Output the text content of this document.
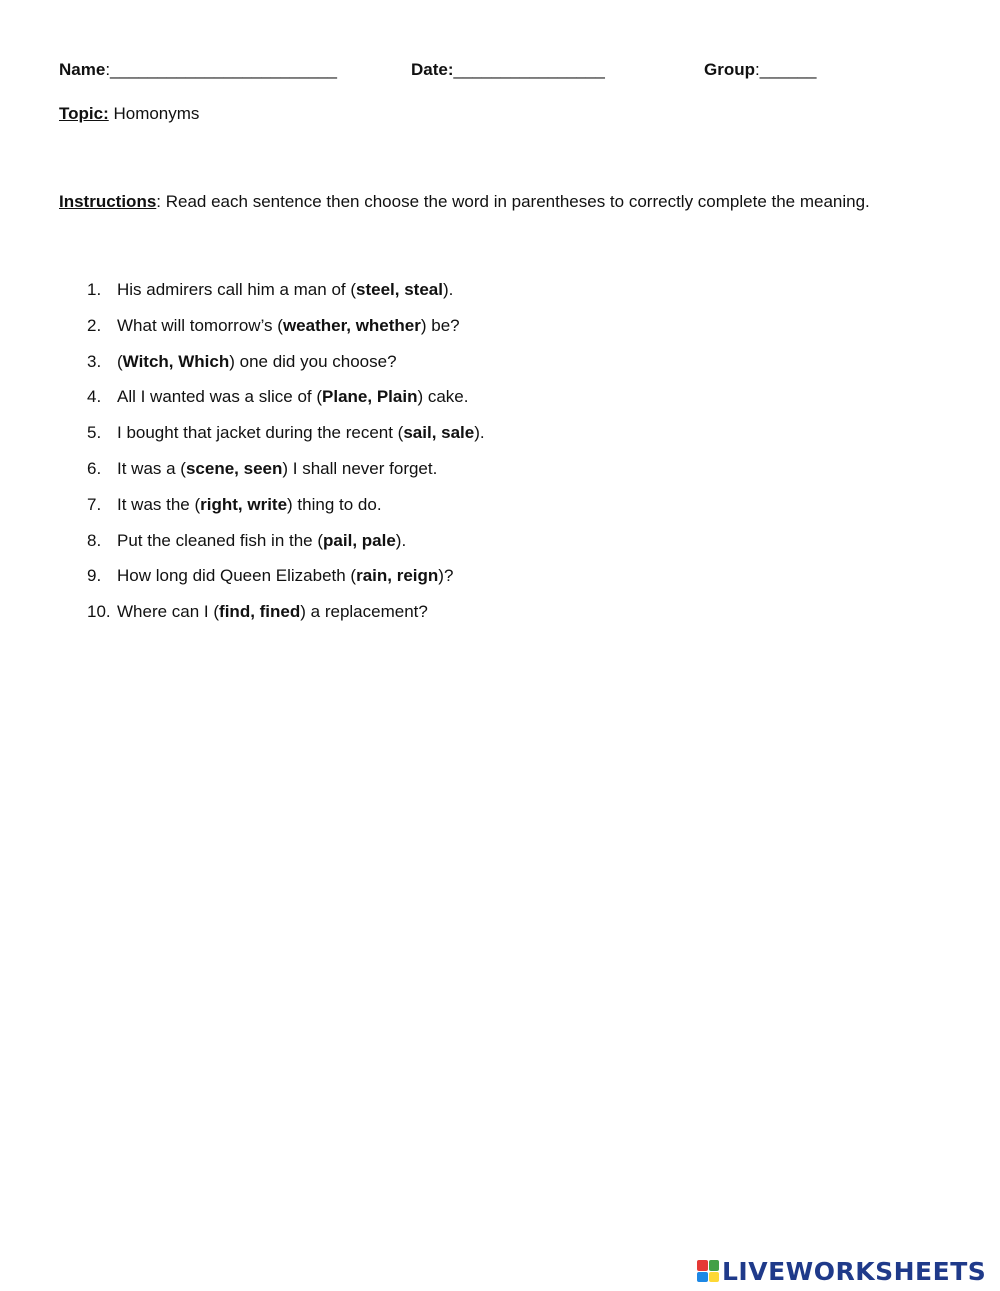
Name:________________________	Date:________________	Group:______
Topic: Homonyms
Instructions: Read each sentence then choose the word in parentheses to correctly complete the meaning.
1. His admirers call him a man of (steel, steal).
2. What will tomorrow’s (weather, whether) be?
3. (Witch, Which) one did you choose?
4. All I wanted was a slice of (Plane, Plain) cake.
5. I bought that jacket during the recent (sail, sale).
6. It was a (scene, seen) I shall never forget.
7. It was the (right, write) thing to do.
8. Put the cleaned fish in the (pail, pale).
9. How long did Queen Elizabeth (rain, reign)?
10. Where can I (find, fined) a replacement?
LIVEWORKSHEETS
